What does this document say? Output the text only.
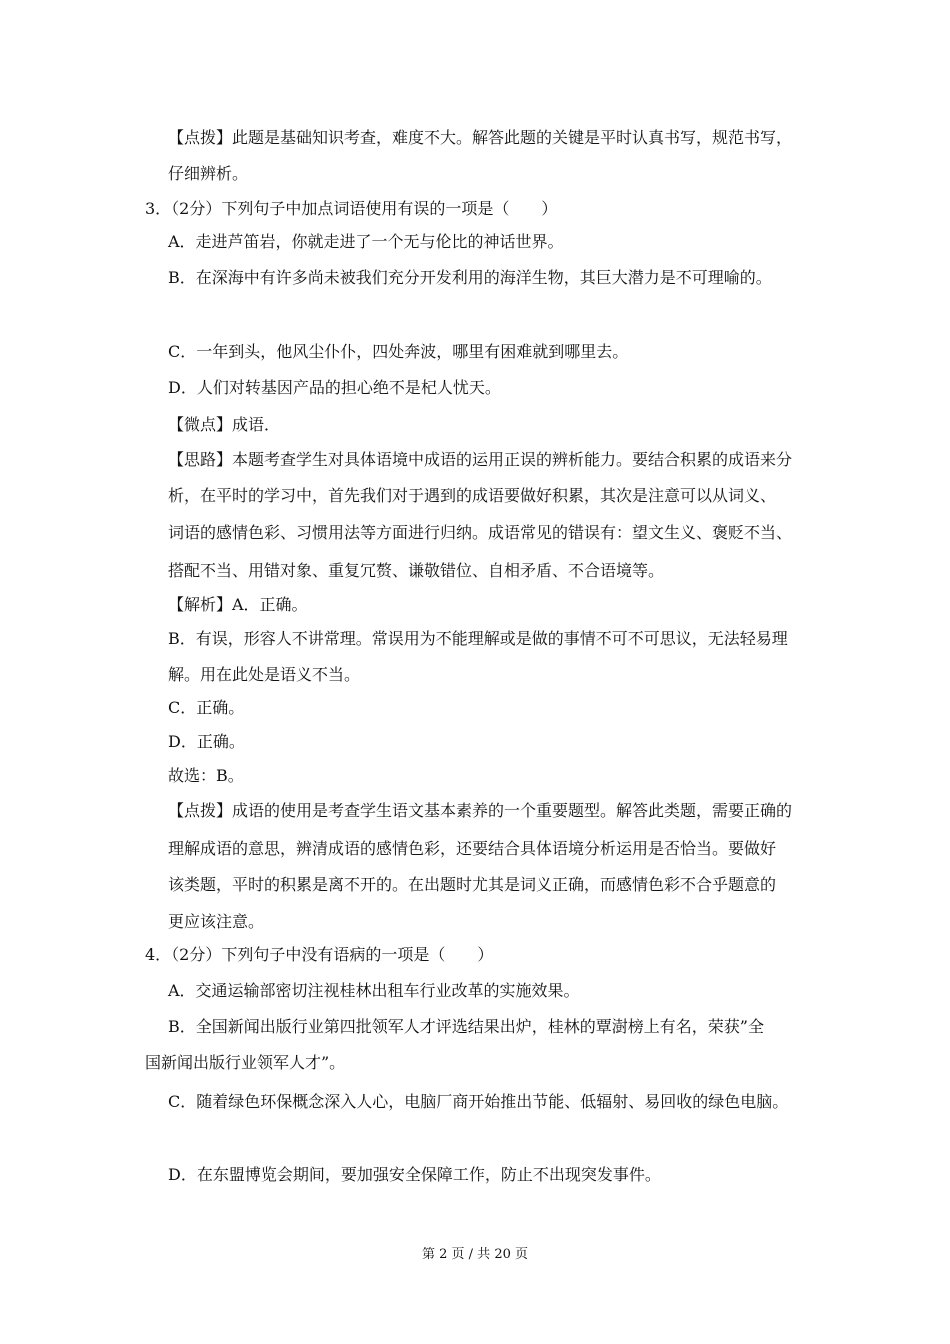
【点拨】此题是基础知识考查，难度不大。解答此题的关键是平时认真书写，规范书写，
仔细辨析。
3．（2分）下列句子中加点词语使用有误的一项是（　　）
A．走进芦笛岩，你就走进了一个无与伦比的神话世界。
B．在深海中有许多尚未被我们充分开发利用的海洋生物，其巨大潜力是不可理喻的。
C．一年到头，他风尘仆仆，四处奔波，哪里有困难就到哪里去。
D．人们对转基因产品的担心绝不是杞人忧天。
【微点】成语．
【思路】本题考查学生对具体语境中成语的运用正误的辨析能力。要结合积累的成语来分
析，在平时的学习中，首先我们对于遇到的成语要做好积累，其次是注意可以从词义、
词语的感情色彩、习惯用法等方面进行归纳。成语常见的错误有：望文生义、褒贬不当、
搭配不当、用错对象、重复冗赘、谦敬错位、自相矛盾、不合语境等。
【解析】A．正确。
B．有误，形容人不讲常理。常误用为不能理解或是做的事情不可不可思议，无法轻易理
解。用在此处是语义不当。
C．正确。
D．正确。
故选：B。
【点拨】成语的使用是考查学生语文基本素养的一个重要题型。解答此类题，需要正确的
理解成语的意思，辨清成语的感情色彩，还要结合具体语境分析运用是否恰当。要做好
该类题，平时的积累是离不开的。在出题时尤其是词义正确，而感情色彩不合乎题意的
更应该注意。
4．（2分）下列句子中没有语病的一项是（　　）
A．交通运输部密切注视桂林出租车行业改革的实施效果。
B．全国新闻出版行业第四批领军人才评选结果出炉，桂林的覃澍榜上有名，荣获”全
国新闻出版行业领军人才”。
C．随着绿色环保概念深入人心，电脑厂商开始推出节能、低辐射、易回收的绿色电脑。
D．在东盟博览会期间，要加强安全保障工作，防止不出现突发事件。
第 2 页 / 共 20 页
